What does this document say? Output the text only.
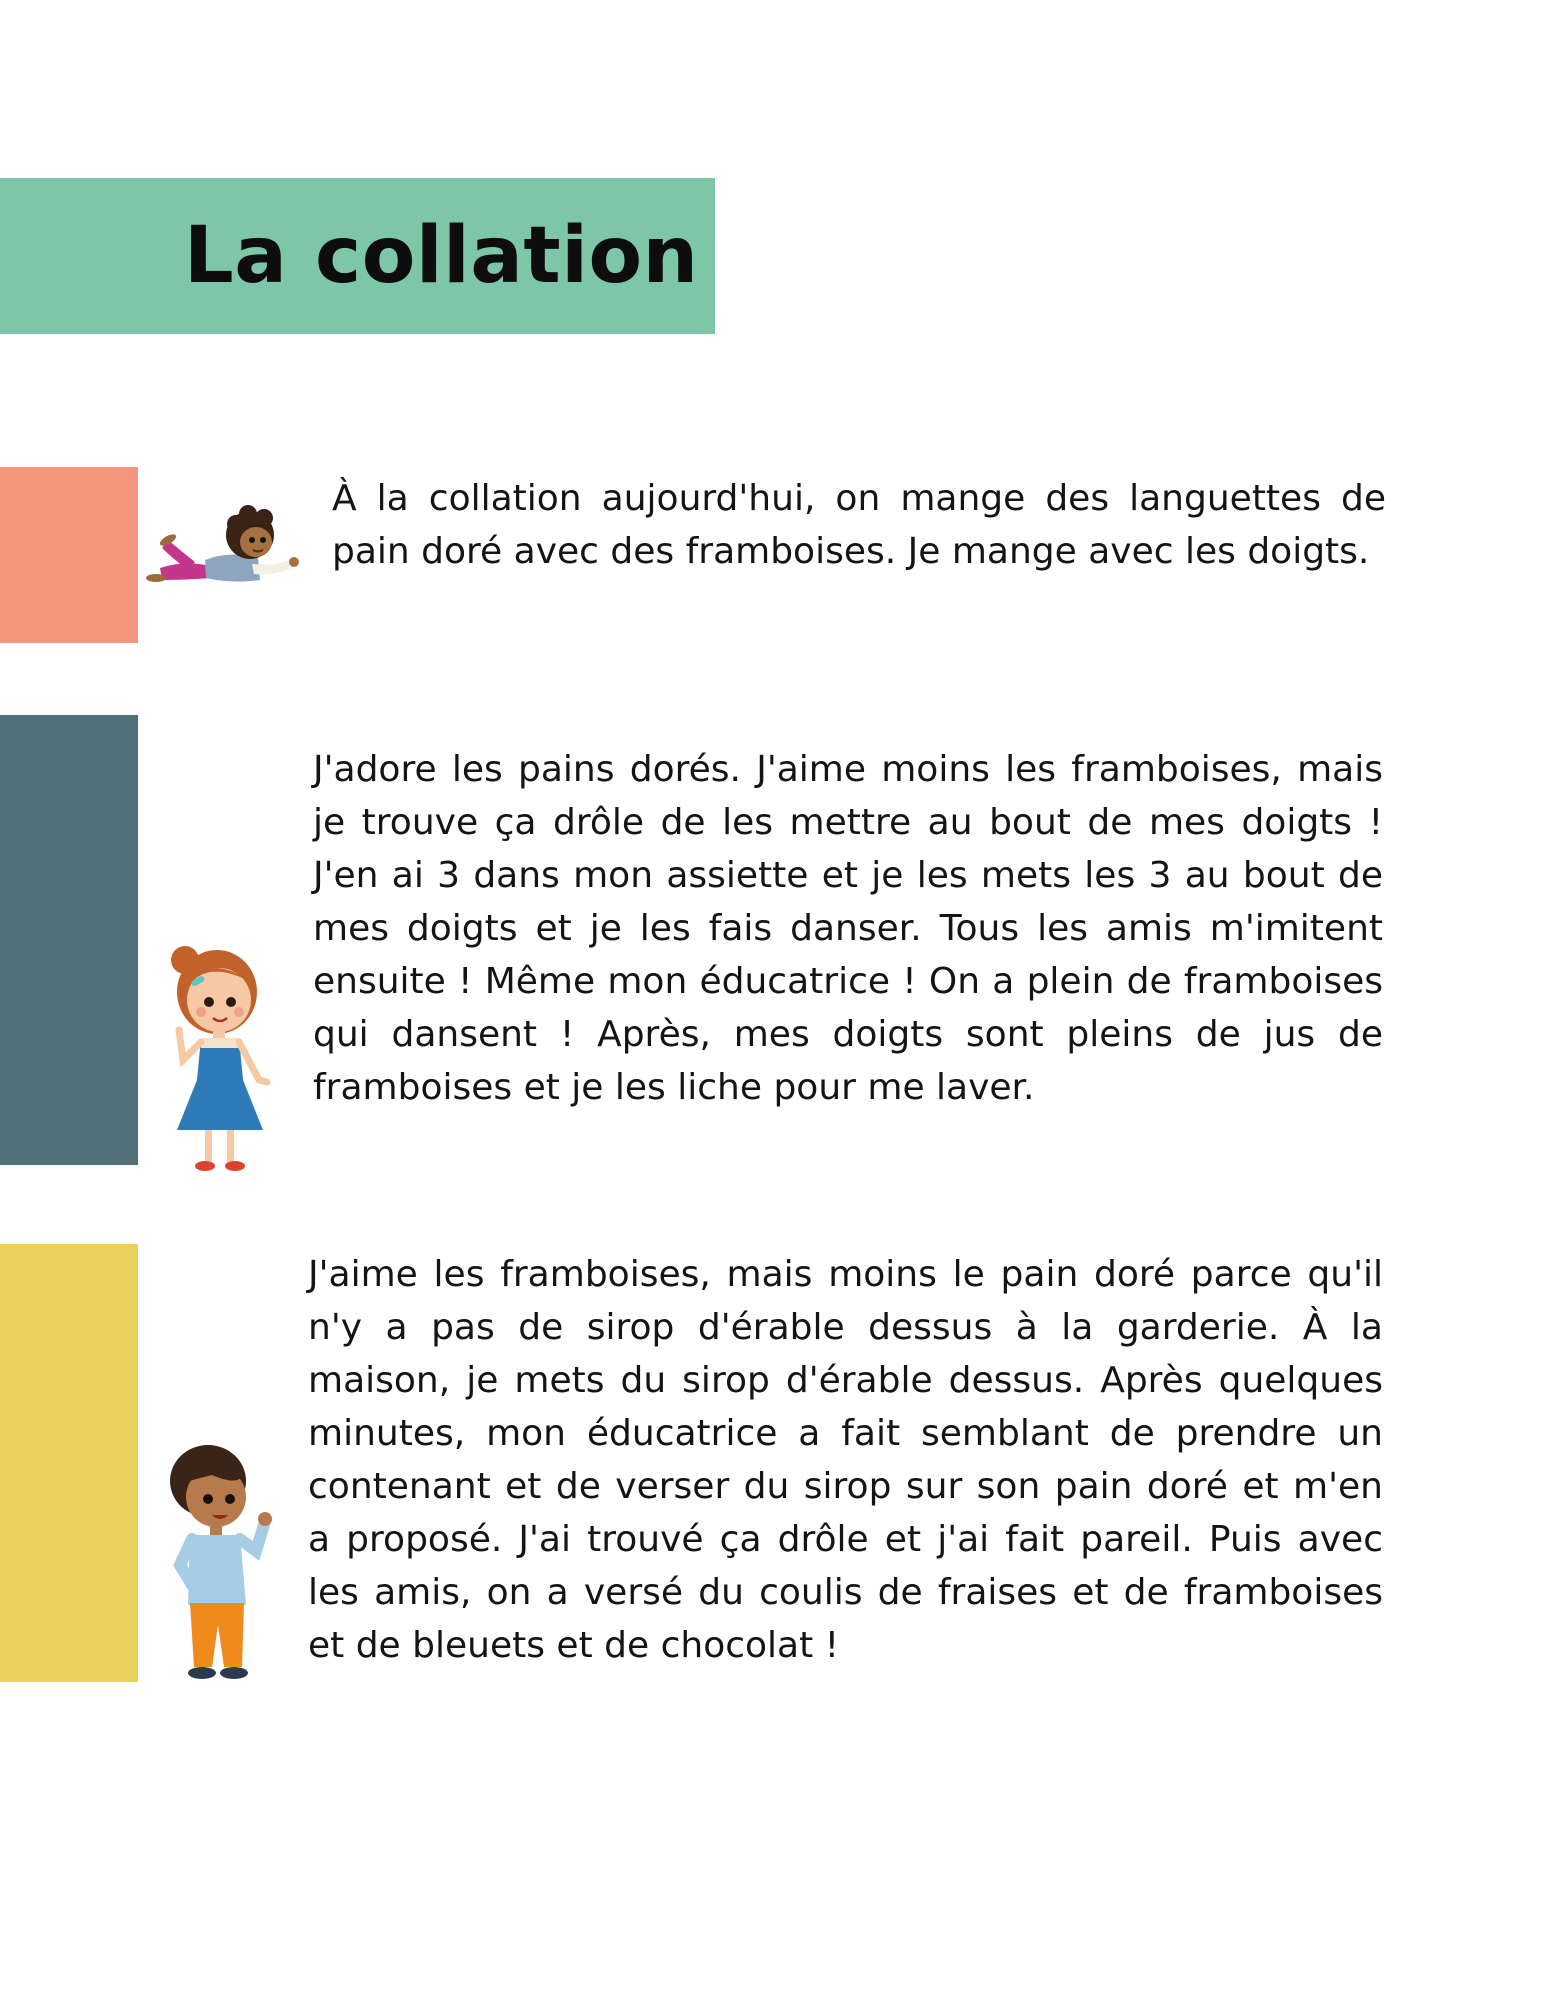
La collation

À la collation aujourd'hui, on mange des languettes de pain doré avec des framboises. Je mange avec les doigts.

J'adore les pains dorés. J'aime moins les framboises, mais je trouve ça drôle de les mettre au bout de mes doigts ! J'en ai 3 dans mon assiette et je les mets les 3 au bout de mes doigts et je les fais danser. Tous les amis m'imitent ensuite ! Même mon éducatrice ! On a plein de framboises qui dansent ! Après, mes doigts sont pleins de jus de framboises et je les liche pour me laver.

J'aime les framboises, mais moins le pain doré parce qu'il n'y a pas de sirop d'érable dessus à la garderie. À la maison, je mets du sirop d'érable dessus. Après quelques minutes, mon éducatrice a fait semblant de prendre un contenant et de verser du sirop sur son pain doré et m'en a proposé. J'ai trouvé ça drôle et j'ai fait pareil. Puis avec les amis, on a versé du coulis de fraises et de framboises et de bleuets et de chocolat !
